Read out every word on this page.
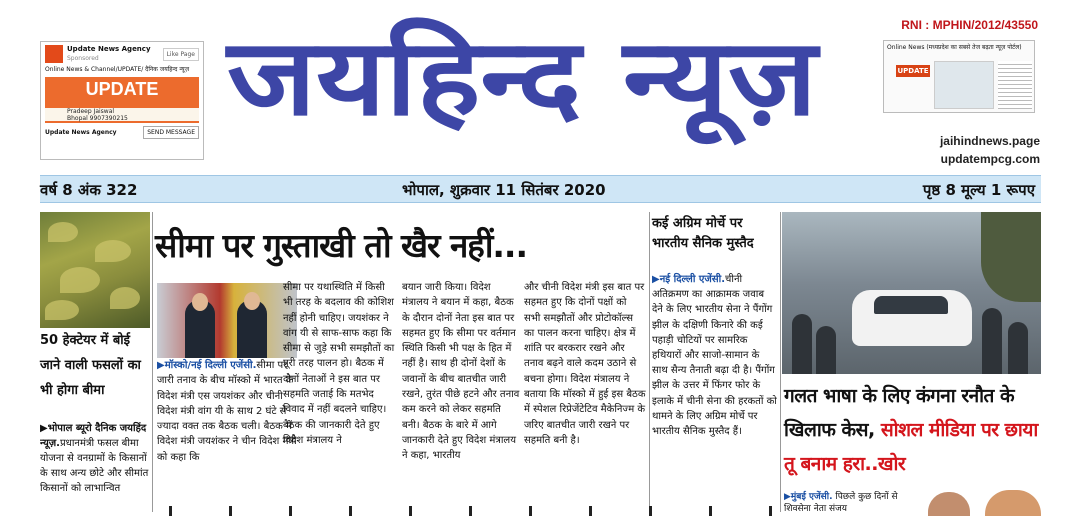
Update News Agency
Sponsored
Like Page
Online News & Channel/UPDATE/ दैनिक जयहिन्द न्यूज़
UPDATE
Pradeep Jaiswal
Bhopal 9907390215
Update News Agency	SEND MESSAGE जयहिन्द न्यूज़	RNI : MPHIN/2012/43550
Online News (मध्यप्रदेश का सबसे तेज बढ़ता न्यूज़ पोर्टल)
UPDATE
jaihindnews.page
updatempcg.com
वर्ष 8 अंक 322	भोपाल, शुक्रवार 11 सितंबर 2020	पृष्ठ 8 मूल्य 1 रूपए
50 हेक्टेयर में बोई जाने वाली फसलों का भी होगा बीमा
▶भोपाल ब्यूरो दैनिक जयहिंद न्यूज़.प्रधानमंत्री फसल बीमा योजना से वनग्रामों के किसानों के साथ अन्य छोटे और सीमांत किसानों को लाभान्वित
सीमा पर गुस्ताखी तो खैर नहीं...
▶मॉस्को/नई दिल्ली एजेंसी.सीमा पर जारी तनाव के बीच मॉस्को में भारत के विदेश मंत्री एस जयशंकर और चीनी विदेश मंत्री वांग यी के साथ 2 घंटे से ज्यादा वक्त तक बैठक चली। बैठक में विदेश मंत्री जयशंकर ने चीन विदेश मंत्री को कहा कि
सीमा पर यथास्थिति में किसी भी तरह के बदलाव की कोशिश नहीं होनी चाहिए। जयशंकर ने वांग यी से साफ-साफ कहा कि सीमा से जुड़े सभी समझौतों का पूरी तरह पालन हो। बैठक में दोनों नेताओं ने इस बात पर सहमति जताई कि मतभेद विवाद में नहीं बदलने चाहिए। बैठक की जानकारी देते हुए विदेश मंत्रालय ने
बयान जारी किया। विदेश मंत्रालय ने बयान में कहा, बैठक के दौरान दोनों नेता इस बात पर सहमत हुए कि सीमा पर वर्तमान स्थिति किसी भी पक्ष के हित में नहीं है। साथ ही दोनों देशों के जवानों के बीच बातचीत जारी रखने, तुरंत पीछे हटने और तनाव कम करने को लेकर सहमति बनी। बैठक के बारे में आगे जानकारी देते हुए विदेश मंत्रालय ने कहा, भारतीय
और चीनी विदेश मंत्री इस बात पर सहमत हुए कि दोनों पक्षों को सभी समझौतों और प्रोटोकॉल्स का पालन करना चाहिए। क्षेत्र में शांति पर बरकरार रखने और तनाव बढ़ने वाले कदम उठाने से बचना होगा। विदेश मंत्रालय ने बताया कि मॉस्को में हुई इस बैठक में स्पेशल रिप्रेजेंटेटिव मैकेनिज्म के जरिए बातचीत जारी रखने पर सहमति बनी है।
कई अग्रिम मोर्चे पर भारतीय सैनिक मुस्तैद
▶नई दिल्ली एजेंसी.चीनी अतिक्रमण का आक्रामक जवाब देने के लिए भारतीय सेना ने पैंगोंग झील के दक्षिणी किनारे की कई पहाड़ी चोटियों पर सामरिक हथियारों और साजो-सामान के साथ सैन्य तैनाती बढ़ा दी है। पैंगोंग झील के उत्तर में फिंगर फोर के इलाके में चीनी सेना की हरकतों को थामने के लिए अग्रिम मोर्चे पर भारतीय सैनिक मुस्तैद हैं।
गलत भाषा के लिए कंगना रनौत के खिलाफ केस, सोशल मीडिया पर छाया तू बनाम हरा..खोर
▶मुंबई एजेंसी. पिछले कुछ दिनों से शिवसेना नेता संजय
